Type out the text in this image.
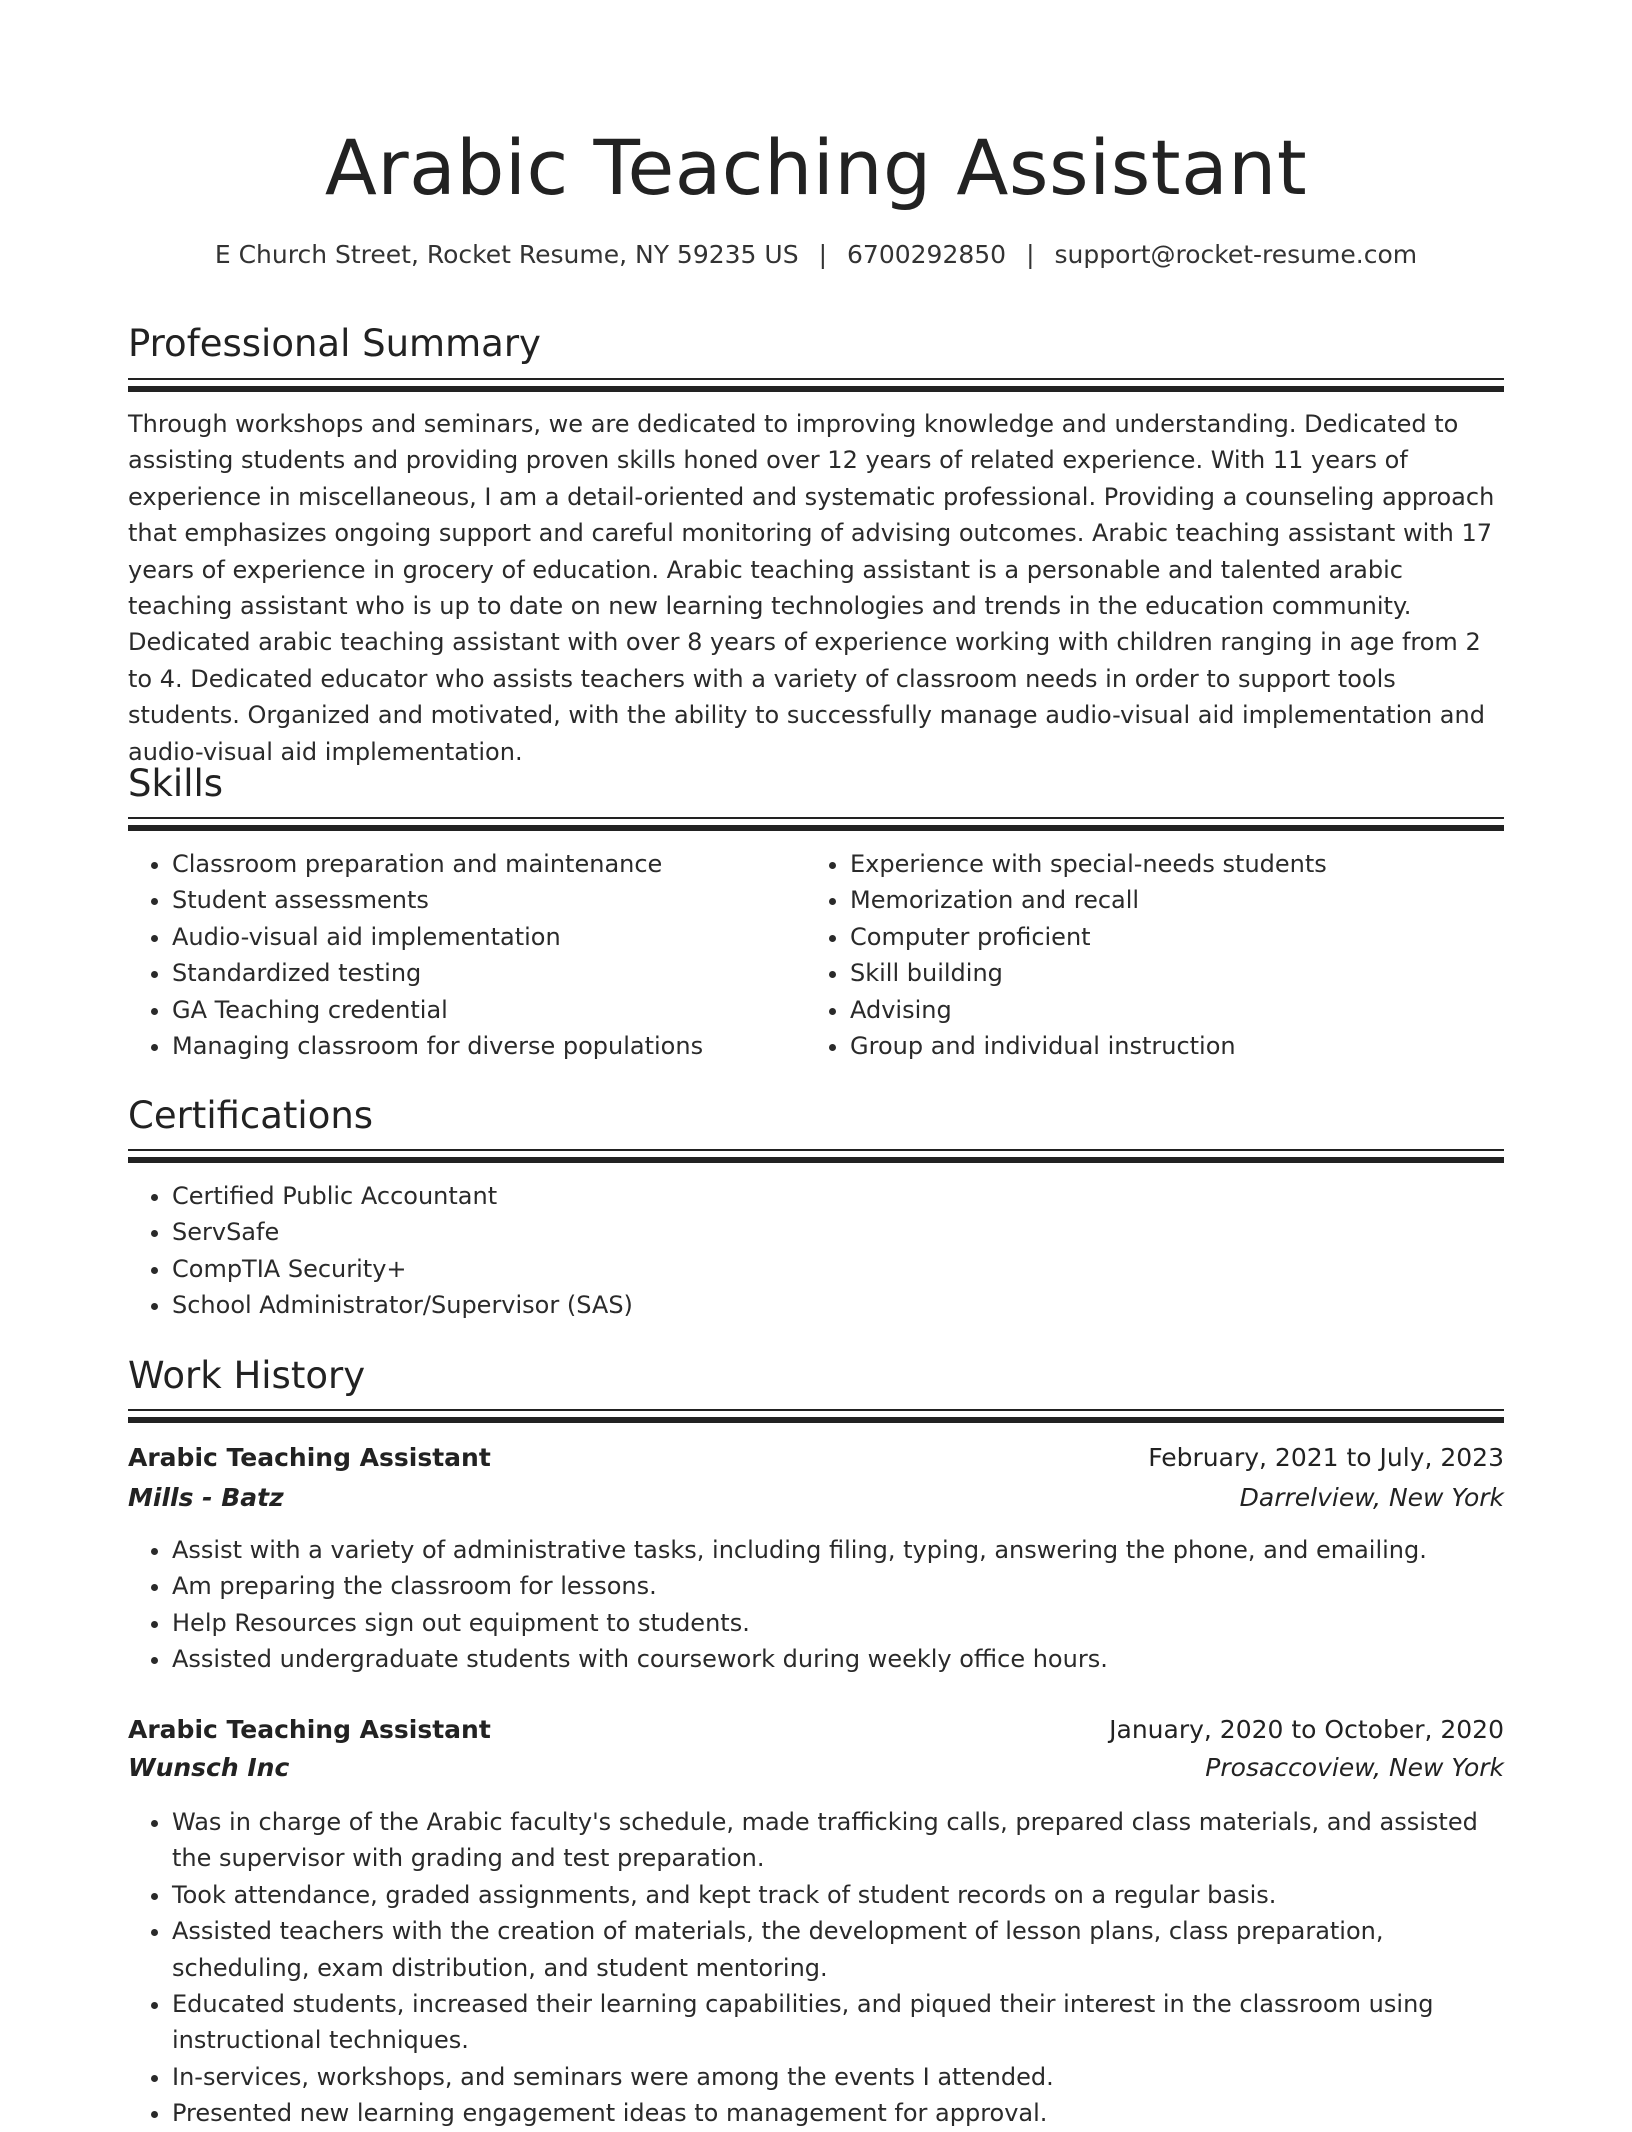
Arabic Teaching Assistant
E Church Street, Rocket Resume, NY 59235 US | 6700292850 | support@rocket-resume.com
Professional Summary

Through workshops and seminars, we are dedicated to improving knowledge and understanding. Dedicated to assisting students and providing proven skills honed over 12 years of related experience. With 11 years of experience in miscellaneous, I am a detail-oriented and systematic professional. Providing a counseling approach that emphasizes ongoing support and careful monitoring of advising outcomes. Arabic teaching assistant with 17 years of experience in grocery of education. Arabic teaching assistant is a personable and talented arabic teaching assistant who is up to date on new learning technologies and trends in the education community. Dedicated arabic teaching assistant with over 8 years of experience working with children ranging in age from 2 to 4. Dedicated educator who assists teachers with a variety of classroom needs in order to support tools students. Organized and motivated, with the ability to successfully manage audio-visual aid implementation and audio-visual aid implementation.

Skills
• Classroom preparation and maintenance
• Student assessments
• Audio-visual aid implementation
• Standardized testing
• GA Teaching credential
• Managing classroom for diverse populations
• Experience with special-needs students
• Memorization and recall
• Computer proficient
• Skill building
• Advising
• Group and individual instruction
Certifications
• Certified Public Accountant
• ServSafe
• CompTIA Security+
• School Administrator/Supervisor (SAS)
Work History
Arabic Teaching Assistant	February, 2021 to July, 2023
Mills - Batz	Darrelview, New York
• Assist with a variety of administrative tasks, including filing, typing, answering the phone, and emailing.
• Am preparing the classroom for lessons.
• Help Resources sign out equipment to students.
• Assisted undergraduate students with coursework during weekly office hours.
Arabic Teaching Assistant	January, 2020 to October, 2020
Wunsch Inc	Prosaccoview, New York
• Was in charge of the Arabic faculty's schedule, made trafficking calls, prepared class materials, and assisted the supervisor with grading and test preparation.
• Took attendance, graded assignments, and kept track of student records on a regular basis.
• Assisted teachers with the creation of materials, the development of lesson plans, class preparation, scheduling, exam distribution, and student mentoring.
• Educated students, increased their learning capabilities, and piqued their interest in the classroom using instructional techniques.
• In-services, workshops, and seminars were among the events I attended.
• Presented new learning engagement ideas to management for approval.
